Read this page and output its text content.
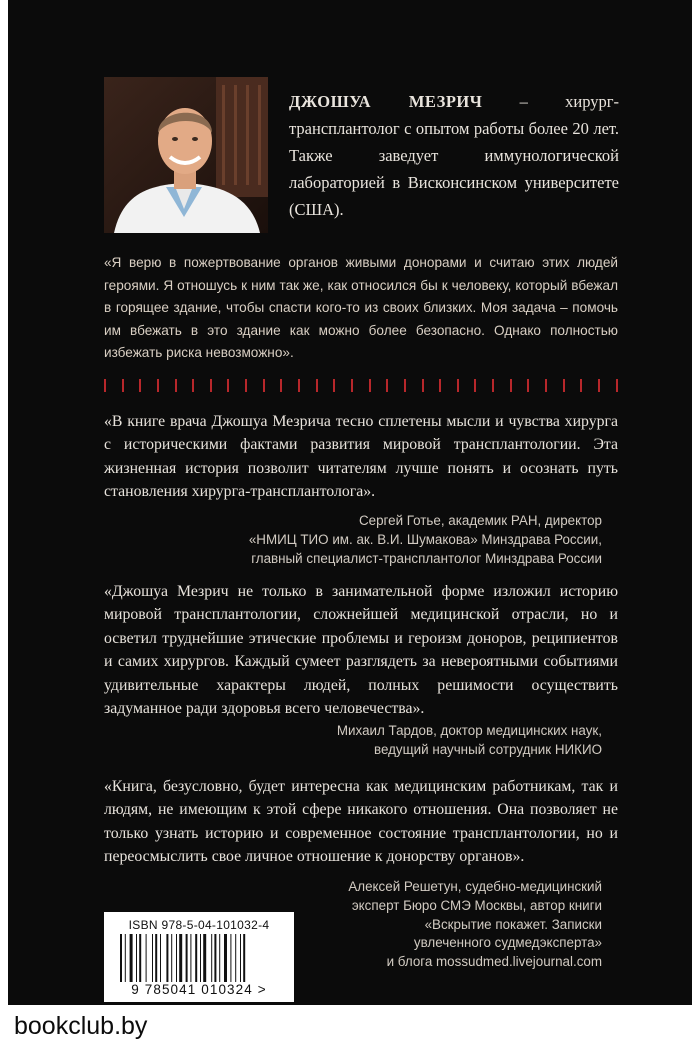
ДЖОШУА МЕЗРИЧ – хирург-трансплантолог с опытом работы более 20 лет. Также заведует иммунологической лабораторией в Висконсинском университете (США).
«Я верю в пожертвование органов живыми донорами и считаю этих людей героями. Я отношусь к ним так же, как относился бы к человеку, который вбежал в горящее здание, чтобы спасти кого-то из своих близких. Моя задача – помочь им вбежать в это здание как можно более безопасно. Однако полностью избежать риска невозможно».
«В книге врача Джошуа Мезрича тесно сплетены мысли и чувства хирурга с историческими фактами развития мировой трансплантологии. Эта жизненная история позволит читателям лучше понять и осознать путь становления хирурга-трансплантолога».
Сергей Готье, академик РАН, директор
«НМИЦ ТИО им. ак. В.И. Шумакова» Минздрава России,
главный специалист-трансплантолог Минздрава России
«Джошуа Мезрич не только в занимательной форме изложил историю мировой трансплантологии, сложнейшей медицинской отрасли, но и осветил труднейшие этические проблемы и героизм доноров, реципиентов и самих хирургов. Каждый сумеет разглядеть за невероятными событиями удивительные характеры людей, полных решимости осуществить задуманное ради здоровья всего человечества».
Михаил Тардов, доктор медицинских наук,
ведущий научный сотрудник НИКИО
«Книга, безусловно, будет интересна как медицинским работникам, так и людям, не имеющим к этой сфере никакого отношения. Она позволяет не только узнать историю и современное состояние трансплантологии, но и переосмыслить свое личное отношение к донорству органов».
Алексей Решетун, судебно-медицинский
эксперт Бюро СМЭ Москвы, автор книги
«Вскрытие покажет. Записки
увлеченного судмедэксперта»
и блога mossudmed.livejournal.com
ISBN 978-5-04-101032-4
9 785041 010324 >
bookclub.by
